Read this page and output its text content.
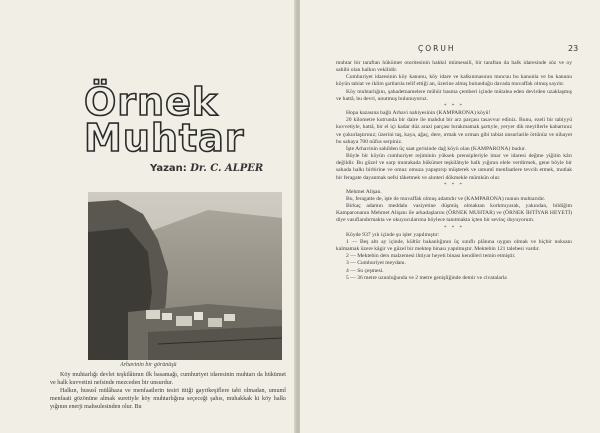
Örnek
Muhtar
Yazan: Dr. C. ALPER
Arhavinin bir görünüşü

Köy muhtarlığı devlet teşkilâtının ilk basamağı, cumhuriyet idaresinin muhtarı da hükümet ve halk kuvvetini nefsinde mezceden bir unsurdur.

Halkın, hususî mülâhaza ve menfaatlerin tesiri ittiği gayrikeşiflere tabi olmadan, umumî menfaati gözönüne almak suretiyle köy muhtarlığına seçeceği şahıs, muhakkak ki köy halkı yığının enerji mahsulesinden olur. Bu

ÇORUH	23

muhtar bir taraftan hükümet otoritesinin hakkıl mümessili, bir taraftan da halk idaresinde söz ve oy sahibi olan halkın vekilidir.

Cumhuriyet idaresinin köy kanunu, köy idare ve kalkınmasının mıncuu bu kanunla ve bu kanunu köyün tabiat ve iklim şartlarıla telif ettiği an, üzerine almış bulunduğu davada muvaffak olmuş sayılır.

Köy muhtarlığını, şahadetnamelere mühür basma çemberi içinde mütalea eden devirden uzaklaşmış ve hattâ, bu devri, unutmuş bulunuyoruz.

* * *

Hopa kazasına bağlı Arhavi nahiyesinin (KAMPARONA) köyü!

20 kilometre kutrunda bir daire ile mahdut bir arz parçası tasavvur ediniz. Bunu, ezeli bir tabiyyü kuvvetiyle, hattâ, bir el içi kadar düz arazi parçası bırakmamak şartıyle, yeryer dik meyillerle kabartınız ve çukurlaştırınız; üzerini taş, kaya, ağaç, dere, ırmak ve orman gibi tabiat unsurlarile örtünüz ve nihayet bu sahaya 700 nüfus serpiniz.

İşte Arhavinin sahilden üç saat gerisinde dağ köyü olan (KAMPARONA) budur.

Böyle bir köyün cumhuriyet rejiminin yüksek prensipleriyle imar ve idaresi değme yiğitin kârı değildir. Bu güzel ve sarp mıntakada hükümet teşkilâtıyle halk yığının elele verdirmek, gene böyle bir sahada halkı birbirine ve omuz omuza yapıştırıp müşterek ve umumî menfaatlere tevcih etmek, mutlak bir feragate dayanmak nefsi tâketmek ve alınteri dökmekle mümkün olur.

* * *

Mehmet Alişan.

Bu, feragatte de, işte de muvaffak olmuş adamdır ve (KAMPARONA) nunun muhtarıdır.

Birkaç adamın meddahı vasiyetine düşmüş olmaktan korkmıyarak, yakından, bildiğim Kamparonanın Mehmet Alişanı ile arkadaşlarını (ÖRNEK MUHTAR) ve (ÖRNEK İHTİYAR HEYETİ) diye vasıflandırmakta ve okuyucularıma böylece tanıtmakta içten bir sevinç duyuyorum.

* * *

Köyde 937 yılı içinde şu işler yapılmıştır:

1 — Beş altı ay içinde, kültür bakanlığının üç sınıflı plânına uygun olmak ve hiçbir noksanı kalmamak üzere kâgir ve güzel bir mektep binası yapılmıştır. Mektebin 121 talebesi vardır.

2 — Mektebin ders malzemesi ihtiyar heyeti binası kendileri temin etmiştir.

3 — Cumhuriyet meydanı.

4 — Su çeşmesi.

5 — 36 metre uzunluğunda ve 2 metre genişliğinde demir ve civatalarla
